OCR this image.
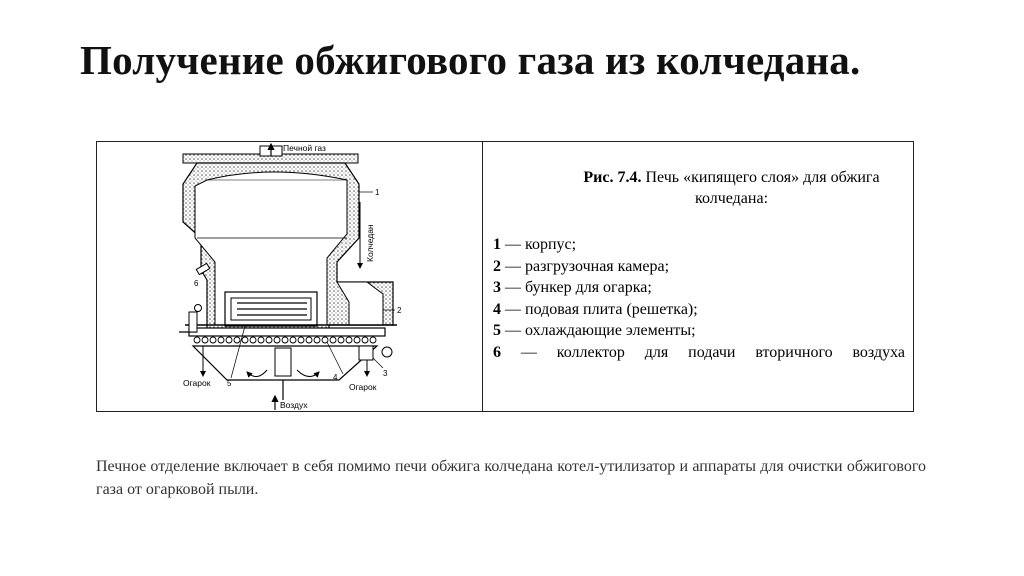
Получение обжигового газа из колчедана.
Печной газ
Колчедан
Огарок	Огарок
Воздух
1
2
3
4
5
6
Рис. 7.4. Печь «кипящего слоя» для обжига колчедана:
1 — корпус;
2 — разгрузочная камера;
3 — бункер для огарка;
4 — подовая плита (решетка);
5 — охлаждающие элементы;
6 — коллектор для подачи вторичного воздуха
Печное отделение включает в себя помимо печи обжига колчедана котел-утилизатор и аппараты для очистки обжигового газа от огарковой пыли.
